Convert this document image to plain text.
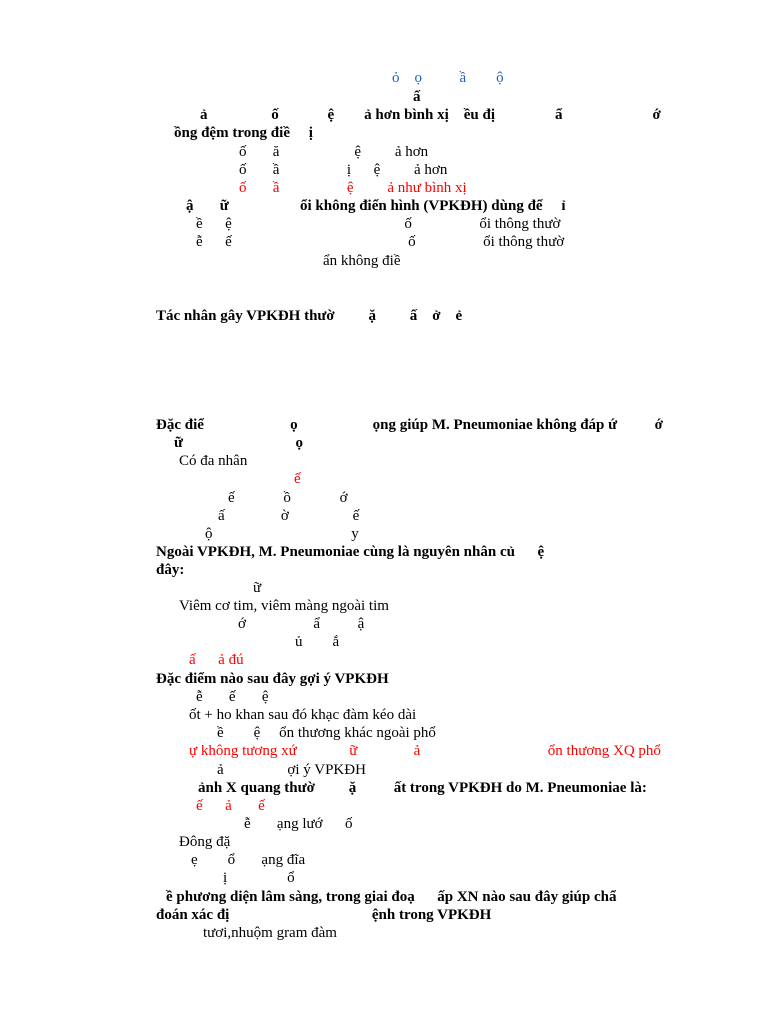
ỏ    ọ          ầ        ộ
ấ
ả                 ố             ệ        ả hơn bình xị    ều đị                ẩ                        ớ
ồng đệm trong điề     ị
ố       ă                    ệ         ả hơn
ố       ầ                  ị      ệ         ả hơn
ố       ầ                  ệ         ả như bình xị
ậ       ữ                   ổi không điển hình (VPKĐH) dùng để     ỉ
ề      ệ                                              ố                  ổi thông thườ
ễ      ế                                               ố                  ổi thông thườ
ẩn không điề
Tác nhân gây VPKĐH thườ         ặ         ấ    ở    ẻ
Đặc điể                       ọ                    ọng giúp M. Pneumoniae không đáp ứ          ớ
ữ                              ọ
Có đa nhân
ế
ế             ồ             ớ
ấ               ờ                 ế
ộ                                     y
Ngoài VPKĐH, M. Pneumoniae cùng là nguyên nhân củ      ệ
đây:
ữ
Viêm cơ tim, viêm màng ngoài tim
ớ                  ẩ          ậ
ủ        ắ
ấ      ả đú
Đặc điểm nào sau đây gợi ý VPKĐH
ễ       ế       ệ
ốt + ho khan sau đó khạc đàm kéo dài
ề        ệ     ổn thương khác ngoài phổ
ự không tương xứ              ữ               ả                                  ổn thương XQ phổ
ả                 ợi ý VPKĐH
ảnh X quang thườ         ặ          ất trong VPKĐH do M. Pneumoniae là:
ế      ả       ế
ễ       ạng lướ      ố
Đông đặ
ẹ        ổ       ạng đĩa
ị                ổ
ề phương diện lâm sàng, trong giai đoạ      ấp XN nào sau đây giúp chẩ
đoán xác đị                                      ệnh trong VPKĐH
tươi,nhuộm gram đàm
